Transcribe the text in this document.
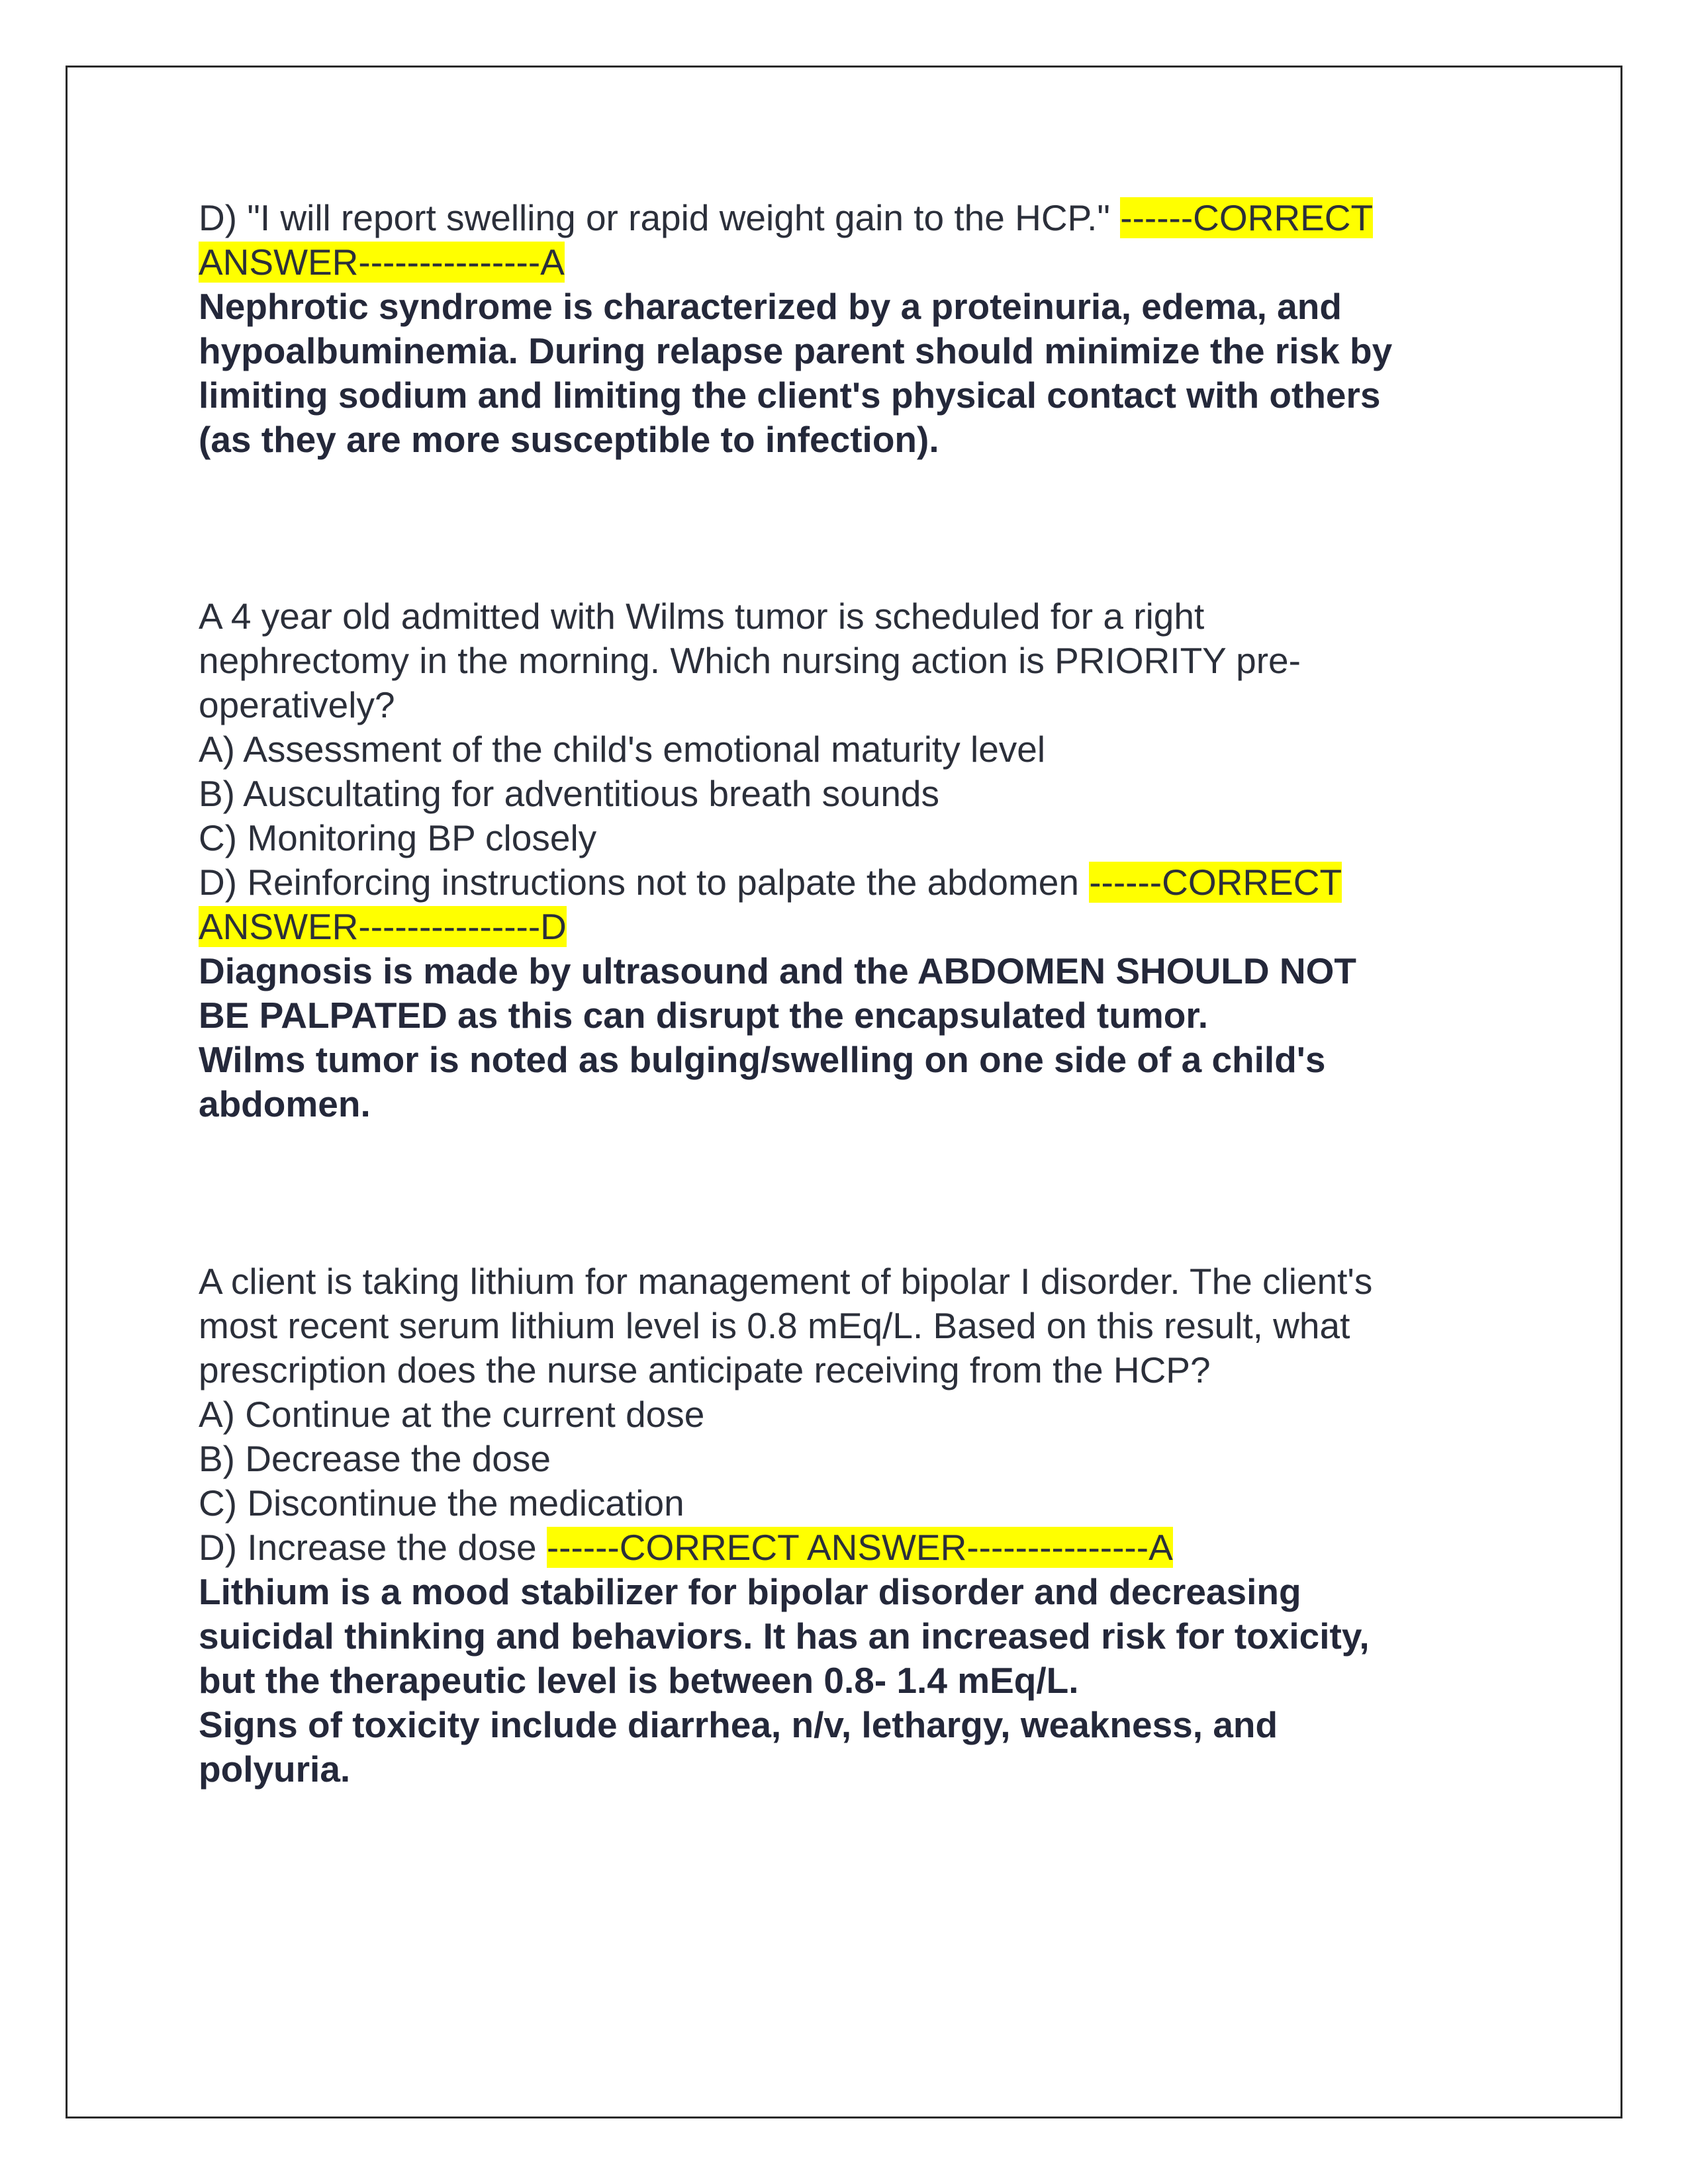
D) "I will report swelling or rapid weight gain to the HCP." ------CORRECT
ANSWER---------------A
Nephrotic syndrome is characterized by a proteinuria, edema, and
hypoalbuminemia. During relapse parent should minimize the risk by
limiting sodium and limiting the client's physical contact with others
(as they are more susceptible to infection).
A 4 year old admitted with Wilms tumor is scheduled for a right
nephrectomy in the morning. Which nursing action is PRIORITY pre-
operatively?
A) Assessment of the child's emotional maturity level
B) Auscultating for adventitious breath sounds
C) Monitoring BP closely
D) Reinforcing instructions not to palpate the abdomen ------CORRECT
ANSWER---------------D
Diagnosis is made by ultrasound and the ABDOMEN SHOULD NOT
BE PALPATED as this can disrupt the encapsulated tumor.
Wilms tumor is noted as bulging/swelling on one side of a child's
abdomen.
A client is taking lithium for management of bipolar I disorder. The client's
most recent serum lithium level is 0.8 mEq/L. Based on this result, what
prescription does the nurse anticipate receiving from the HCP?
A) Continue at the current dose
B) Decrease the dose
C) Discontinue the medication
D) Increase the dose ------CORRECT ANSWER---------------A
Lithium is a mood stabilizer for bipolar disorder and decreasing
suicidal thinking and behaviors. It has an increased risk for toxicity,
but the therapeutic level is between 0.8- 1.4 mEq/L.
Signs of toxicity include diarrhea, n/v, lethargy, weakness, and
polyuria.
